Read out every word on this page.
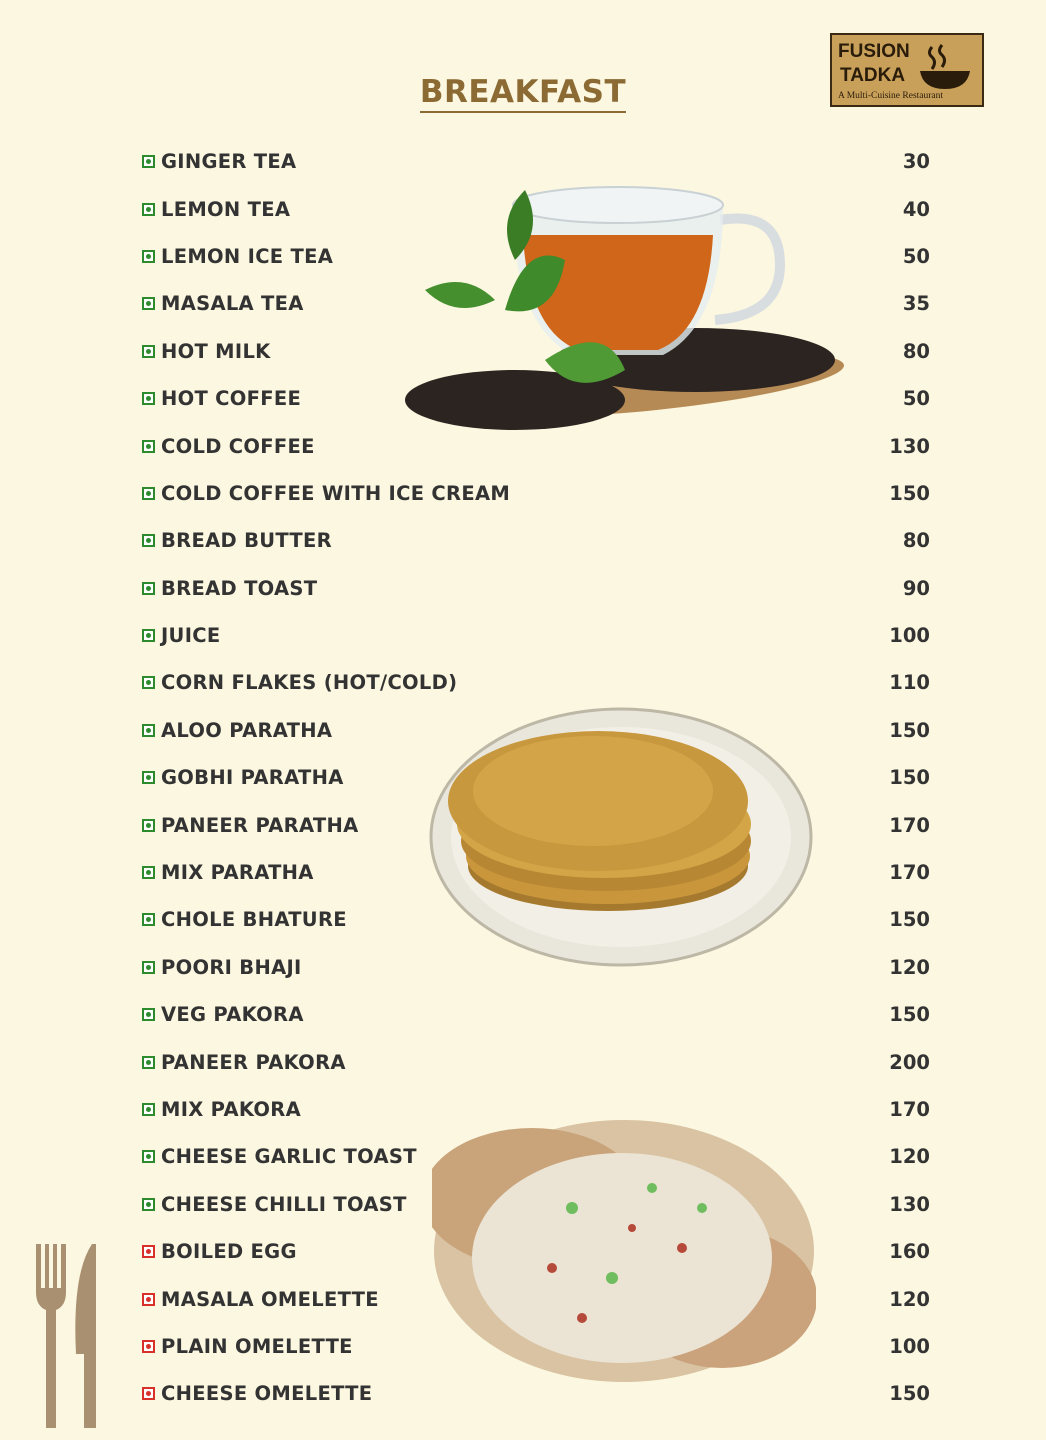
BREAKFAST
FUSION
TADKA
A Multi-Cuisine Restaurant
GINGER TEA	30
LEMON TEA	40
LEMON ICE TEA	50
MASALA TEA	35
HOT MILK	80
HOT COFFEE	50
COLD COFFEE	130
COLD COFFEE WITH ICE CREAM	150
BREAD BUTTER	80
BREAD TOAST	90
JUICE	100
CORN FLAKES (HOT/COLD)	110
ALOO PARATHA	150
GOBHI PARATHA	150
PANEER PARATHA	170
MIX PARATHA	170
CHOLE BHATURE	150
POORI BHAJI	120
VEG PAKORA	150
PANEER PAKORA	200
MIX PAKORA	170
CHEESE GARLIC TOAST	120
CHEESE CHILLI TOAST	130
BOILED EGG	160
MASALA OMELETTE	120
PLAIN OMELETTE	100
CHEESE OMELETTE	150
